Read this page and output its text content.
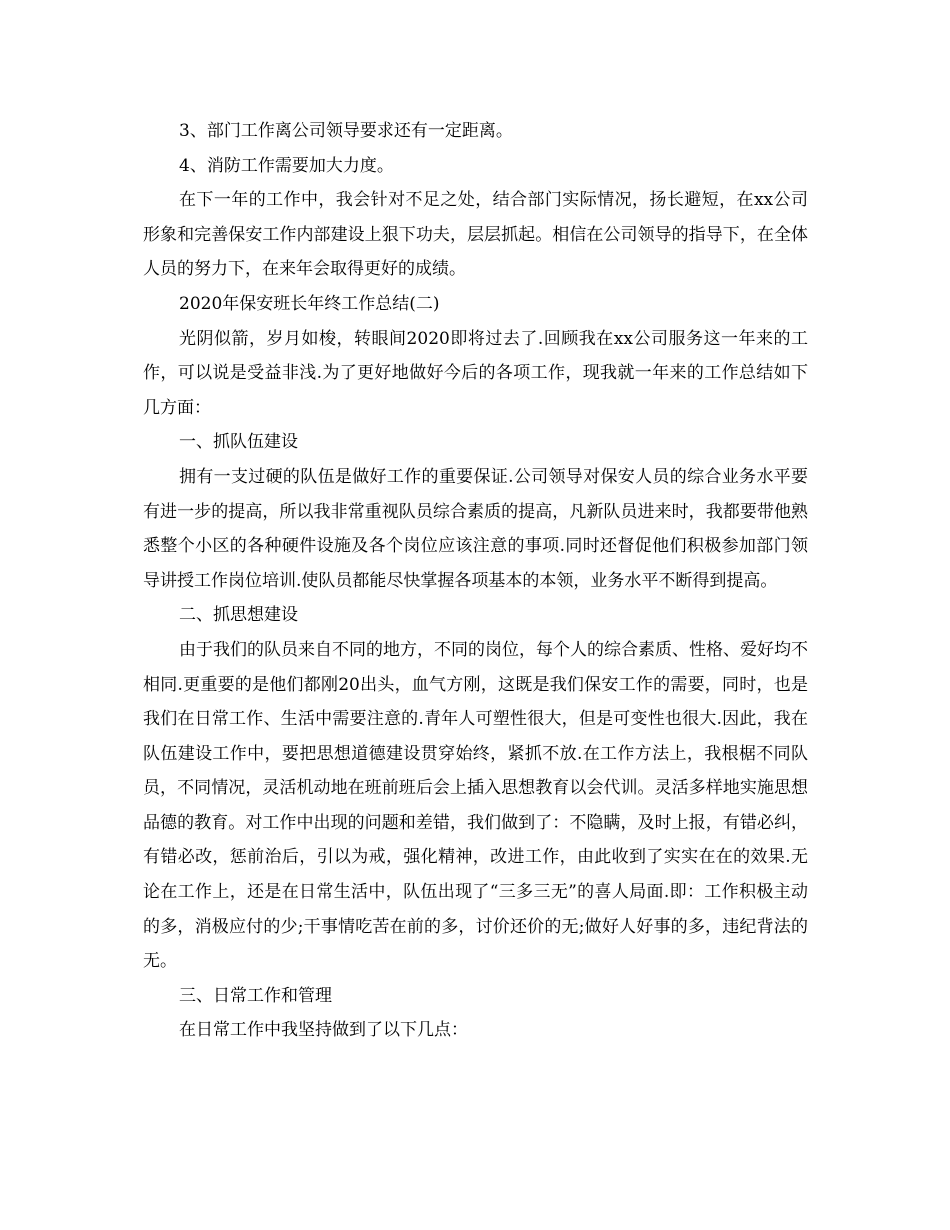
3、部门工作离公司领导要求还有一定距离。

4、消防工作需要加大力度。

在下一年的工作中，我会针对不足之处，结合部门实际情况，扬长避短，在xx公司形象和完善保安工作内部建设上狠下功夫，层层抓起。相信在公司领导的指导下，在全体人员的努力下，在来年会取得更好的成绩。

2020年保安班长年终工作总结(二)

光阴似箭，岁月如梭，转眼间2020即将过去了.回顾我在xx公司服务这一年来的工作，可以说是受益非浅.为了更好地做好今后的各项工作，现我就一年来的工作总结如下几方面：

一、抓队伍建设

拥有一支过硬的队伍是做好工作的重要保证.公司领导对保安人员的综合业务水平要有进一步的提高，所以我非常重视队员综合素质的提高，凡新队员进来时，我都要带他熟悉整个小区的各种硬件设施及各个岗位应该注意的事项.同时还督促他们积极参加部门领导讲授工作岗位培训.使队员都能尽快掌握各项基本的本领，业务水平不断得到提高。

二、抓思想建设

由于我们的队员来自不同的地方，不同的岗位，每个人的综合素质、性格、爱好均不相同.更重要的是他们都刚20出头，血气方刚，这既是我们保安工作的需要，同时，也是我们在日常工作、生活中需要注意的.青年人可塑性很大，但是可变性也很大.因此，我在队伍建设工作中，要把思想道德建设贯穿始终，紧抓不放.在工作方法上，我根椐不同队员，不同情况，灵活机动地在班前班后会上插入思想教育以会代训。灵活多样地实施思想品德的教育。对工作中出现的问题和差错，我们做到了：不隐瞒，及时上报，有错必纠，有错必改，惩前治后，引以为戒，强化精神，改进工作，由此收到了实实在在的效果.无论在工作上，还是在日常生活中，队伍出现了“三多三无”的喜人局面.即：工作积极主动的多，消极应付的少;干事情吃苦在前的多，讨价还价的无;做好人好事的多，违纪背法的无。

三、日常工作和管理

在日常工作中我坚持做到了以下几点：
